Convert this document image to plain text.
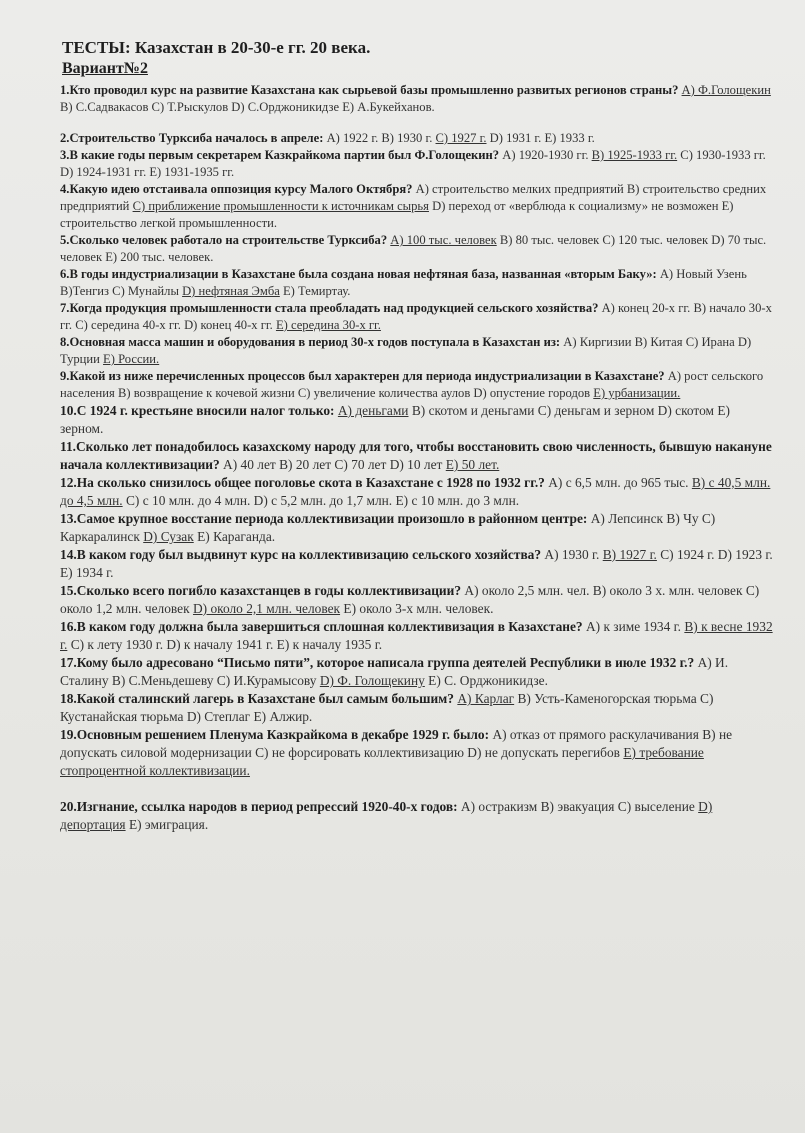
ТЕСТЫ: Казахстан в 20-30-е гг. 20 века.
Вариант№2
1.Кто проводил курс на развитие Казахстана как сырьевой базы промышленно развитых регионов страны? A) Ф.Голощекин B) С.Садвакасов C) Т.Рыскулов D) С.Орджоникидзе E) А.Букейханов.
2.Строительство Турксиба началось в апреле: A) 1922 г. B) 1930 г. C) 1927 г. D) 1931 г. E) 1933 г.
3.В какие годы первым секретарем Казкрайкома партии был Ф.Голощекин? A) 1920-1930 гг. B) 1925-1933 гг. C) 1930-1933 гг. D) 1924-1931 гг. E) 1931-1935 гг.
4.Какую идею отстаивала оппозиция курсу Малого Октября? A) строительство мелких предприятий B) строительство средних предприятий C) приближение промышленности к источникам сырья D) переход от «верблюда к социализму» не возможен E) строительство легкой промышленности.
5.Сколько человек работало на строительстве Турксиба? A) 100 тыс. человек B) 80 тыс. человек C) 120 тыс. человек D) 70 тыс. человек E) 200 тыс. человек.
6.В годы индустриализации в Казахстане была создана новая нефтяная база, названная «вторым Баку»: A) Новый Узень B)Тенгиз C) Мунайлы D) нефтяная Эмба E) Темиртау.
7.Когда продукция промышленности стала преобладать над продукцией сельского хозяйства? A) конец 20-х гг. B) начало 30-х гг. C) середина 40-х гг. D) конец 40-х гг. E) середина 30-х гг.
8.Основная масса машин и оборудования в период 30-х годов поступала в Казахстан из: A) Киргизии B) Китая C) Ирана D) Турции E) России.
9.Какой из ниже перечисленных процессов был характерен для периода индустриализации в Казахстане? A) рост сельского населения B) возвращение к кочевой жизни C) увеличение количества аулов D) опустение городов E) урбанизации.
10.С 1924 г. крестьяне вносили налог только: A) деньгами B) скотом и деньгами C) деньгам и зерном D) скотом E) зерном.
11.Сколько лет понадобилось казахскому народу для того, чтобы восстановить свою численность, бывшую накануне начала коллективизации? A) 40 лет B) 20 лет C) 70 лет D) 10 лет E) 50 лет.
12.На сколько снизилось общее поголовье скота в Казахстане с 1928 по 1932 гг.? A) с 6,5 млн. до 965 тыс. B) с 40,5 млн. до 4,5 млн. C) с 10 млн. до 4 млн. D) с 5,2 млн. до 1,7 млн. E) с 10 млн. до 3 млн.
13.Самое крупное восстание периода коллективизации произошло в районном центре: A) Лепсинск B) Чу C) Каркаралинск D) Сузак E) Караганда.
14.В каком году был выдвинут курс на коллективизацию сельского хозяйства? A) 1930 г. B) 1927 г. C) 1924 г. D) 1923 г. E) 1934 г.
15.Сколько всего погибло казахстанцев в годы коллективизации? A) около 2,5 млн. чел. B) около 3 х. млн. человек C) около 1,2 млн. человек D) около 2,1 млн. человек E) около 3-х млн. человек.
16.В каком году должна была завершиться сплошная коллективизация в Казахстане? A) к зиме 1934 г. B) к весне 1932 г. C) к лету 1930 г. D) к началу 1941 г. E) к началу 1935 г.
17.Кому было адресовано “Письмо пяти”, которое написала группа деятелей Республики в июле 1932 г.? A) И. Сталину B) С.Меньдешеву C) И.Курамысову D) Ф. Голощекину E) С. Орджоникидзе.
18.Какой сталинский лагерь в Казахстане был самым большим? A) Карлаг B) Усть-Каменогорская тюрьма C) Кустанайская тюрьма D) Степлаг E) Алжир.
19.Основным решением Пленума Казкрайкома в декабре 1929 г. было: A) отказ от прямого раскулачивания B) не допускать силовой модернизации C) не форсировать коллективизацию D) не допускать перегибов E) требование стопроцентной коллективизации.
20.Изгнание, ссылка народов в период репрессий 1920-40-х годов: A) остракизм B) эвакуация C) выселение D) депортация E) эмиграция.
